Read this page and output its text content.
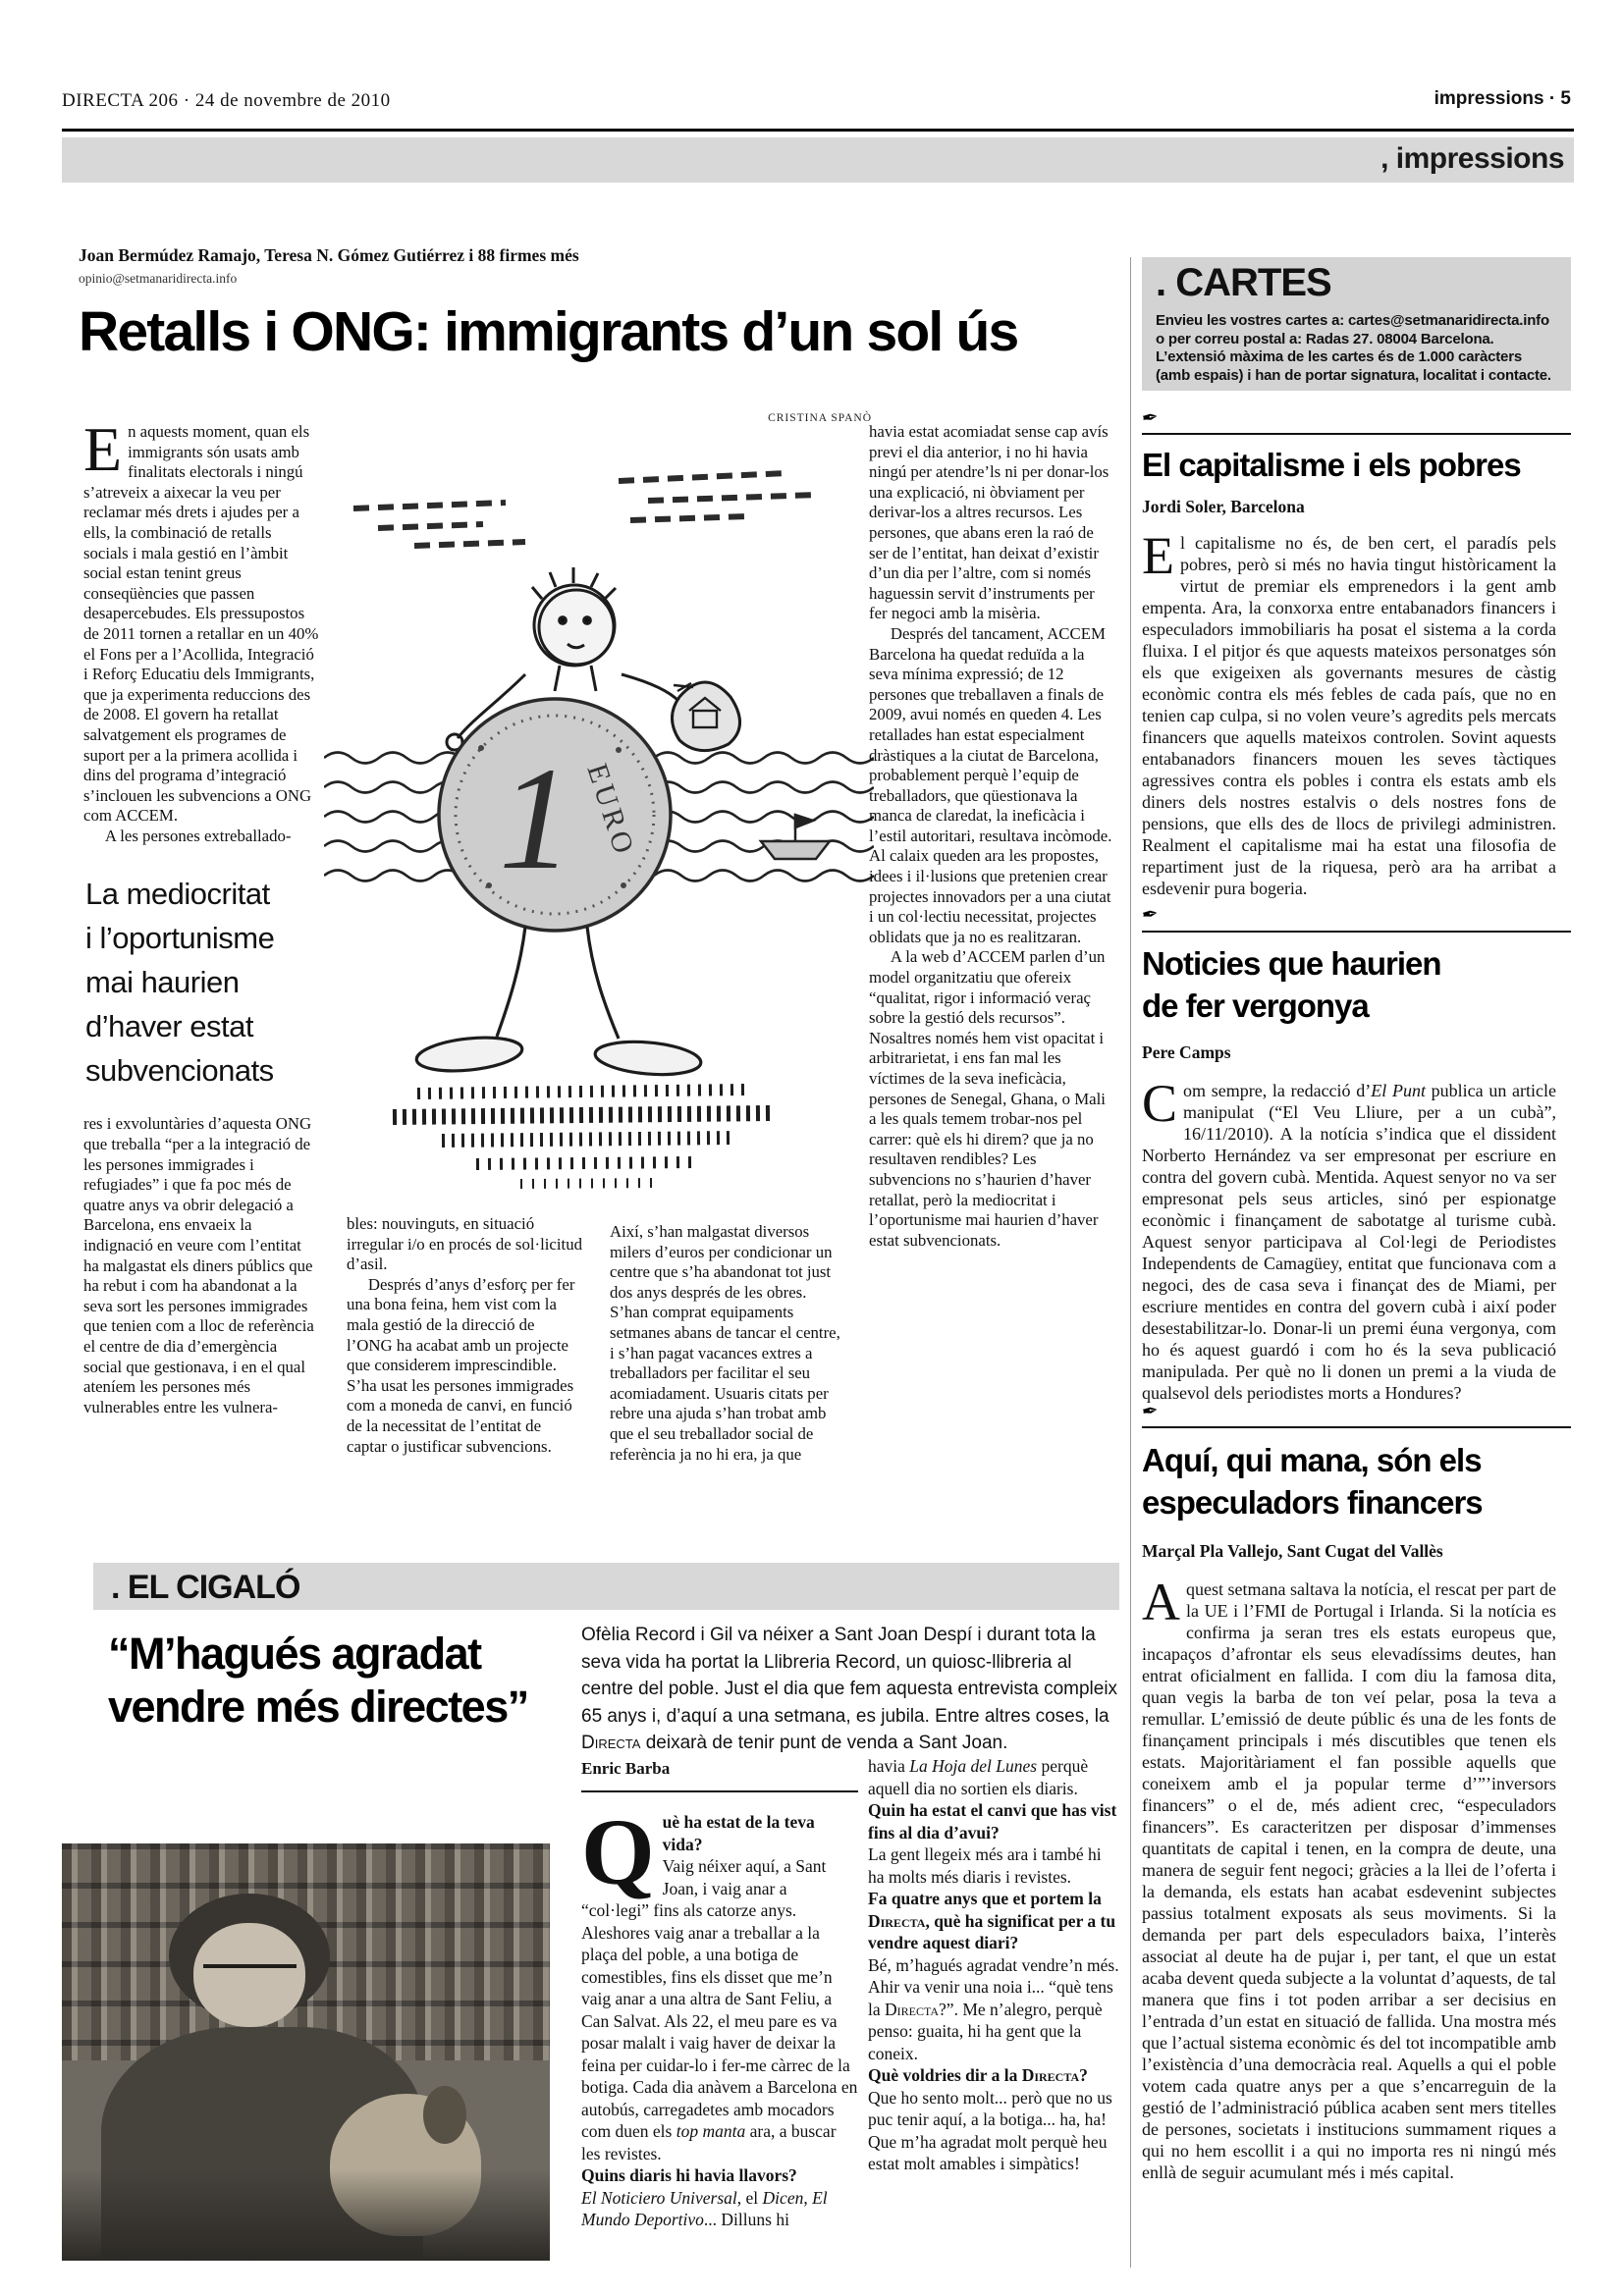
DIRECTA 206 · 24 de novembre de 2010	impressions · 5
, impressions
Joan Bermúdez Ramajo, Teresa N. Gómez Gutiérrez i 88 firmes més
opinio@setmanaridirecta.info
Retalls i ONG: immigrants d’un sol ús
CRISTINA SPANÒ
1 EURO

En aquests moment, quan els immigrants són usats amb finalitats electorals i ningú s’atreveix a aixecar la veu per reclamar més drets i ajudes per a ells, la combinació de retalls socials i mala gestió en l’àmbit social estan tenint greus conseqüències que passen desapercebudes. Els pressupostos de 2011 tornen a retallar en un 40% el Fons per a l’Acollida, Integració i Reforç Educatiu dels Immigrants, que ja experimenta reduccions des de 2008. El govern ha retallat salvatgement els programes de suport per a la primera acollida i dins del programa d’integració s’inclouen les subvencions a ONG com ACCEM.

A les persones extreballado-

La mediocritat
i l’oportunisme
mai haurien
d’haver estat
subvencionats

res i exvoluntàries d’aquesta ONG que treballa “per a la integració de les persones immigrades i refugiades” i que fa poc més de quatre anys va obrir delegació a Barcelona, ens envaeix la indignació en veure com l’entitat ha malgastat els diners públics que ha rebut i com ha abandonat a la seva sort les persones immigrades que tenien com a lloc de referència el centre de dia d’emergència social que gestionava, i en el qual ateníem les persones més vulnerables entre les vulnera-

bles: nouvinguts, en situació irregular i/o en procés de sol·licitud d’asil.

Després d’anys d’esforç per fer una bona feina, hem vist com la mala gestió de la direcció de l’ONG ha acabat amb un projecte que considerem imprescindible. S’ha usat les persones immigrades com a moneda de canvi, en funció de la necessitat de l’entitat de captar o justificar subvencions.

Així, s’han malgastat diversos milers d’euros per condicionar un centre que s’ha abandonat tot just dos anys després de les obres. S’han comprat equipaments setmanes abans de tancar el centre, i s’han pagat vacances extres a treballadors per facilitar el seu acomiadament. Usuaris citats per rebre una ajuda s’han trobat amb que el seu treballador social de referència ja no hi era, ja que

havia estat acomiadat sense cap avís previ el dia anterior, i no hi havia ningú per atendre’ls ni per donar-los una explicació, ni òbviament per derivar-los a altres recursos. Les persones, que abans eren la raó de ser de l’entitat, han deixat d’existir d’un dia per l’altre, com si només haguessin servit d’instruments per fer negoci amb la misèria.

Després del tancament, ACCEM Barcelona ha quedat reduïda a la seva mínima expressió; de 12 persones que treballaven a finals de 2009, avui només en queden 4. Les retallades han estat especialment dràstiques a la ciutat de Barcelona, probablement perquè l’equip de treballadors, que qüestionava la manca de claredat, la ineficàcia i l’estil autoritari, resultava incòmode. Al calaix queden ara les propostes, idees i il·lusions que pretenien crear projectes innovadors per a una ciutat i un col·lectiu necessitat, projectes oblidats que ja no es realitzaran.

A la web d’ACCEM parlen d’un model organitzatiu que ofereix “qualitat, rigor i informació veraç sobre la gestió dels recursos”. Nosaltres només hem vist opacitat i arbitrarietat, i ens fan mal les víctimes de la seva ineficàcia, persones de Senegal, Ghana, o Mali a les quals temem trobar-nos pel carrer: què els hi direm? que ja no resultaven rendibles? Les subvencions no s’haurien d’haver retallat, però la mediocritat i l’oportunisme mai haurien d’haver estat subvencionats.

. CARTES
Envieu les vostres cartes a: cartes@setmanaridirecta.info
o per correu postal a: Radas 27. 08004 Barcelona.
L’extensió màxima de les cartes és de 1.000 caràcters
(amb espais) i han de portar signatura, localitat i contacte.
✒
El capitalisme i els pobres
Jordi Soler, Barcelona

El capitalisme no és, de ben cert, el paradís pels pobres, però si més no havia tingut històricament la virtut de premiar els emprenedors i la gent amb empenta. Ara, la conxorxa entre entabanadors financers i especuladors immobiliaris ha posat el sistema a la corda fluixa. I el pitjor és que aquests mateixos personatges són els que exigeixen als governants mesures de càstig econòmic contra els més febles de cada país, que no en tenien cap culpa, si no volen veure’s agredits pels mercats financers que aquells mateixos controlen. Sovint aquests entabanadors financers mouen les seves tàctiques agressives contra els pobles i contra els estats amb els diners dels nostres estalvis o dels nostres fons de pensions, que ells des de llocs de privilegi administren. Realment el capitalisme mai ha estat una filosofia de repartiment just de la riquesa, però ara ha arribat a esdevenir pura bogeria.

✒
Noticies que haurien
de fer vergonya
Pere Camps

Com sempre, la redacció d’El Punt publica un article manipulat (“El Veu Lliure, per a un cubà”, 16/11/2010). A la notícia s’indica que el dissident Norberto Hernández va ser empresonat per escriure en contra del govern cubà. Mentida. Aquest senyor no va ser empresonat pels seus articles, sinó per espionatge econòmic i finançament de sabotatge al turisme cubà. Aquest senyor participava al Col·legi de Periodistes Independents de Camagüey, entitat que funcionava com a negoci, des de casa seva i finançat des de Miami, per escriure mentides en contra del govern cubà i així poder desestabilitzar-lo. Donar-li un premi éuna vergonya, com ho és aquest guardó i com ho és la seva publicació manipulada. Per què no li donen un premi a la viuda de qualsevol dels periodistes morts a Hondures?

✒
Aquí, qui mana, són els
especuladors financers
Marçal Pla Vallejo, Sant Cugat del Vallès

Aquest setmana saltava la notícia, el rescat per part de la UE i l’FMI de Portugal i Irlanda. Si la notícia es confirma ja seran tres els estats europeus que, incapaços d’afrontar els seus elevadíssims deutes, han entrat oficialment en fallida. I com diu la famosa dita, quan vegis la barba de ton veí pelar, posa la teva a remullar. L’emissió de deute públic és una de les fonts de finançament principals i més discutibles que tenen els estats. Majoritàriament el fan possible aquells que coneixem amb el ja popular terme d’”’inversors financers” o el de, més adient crec, “especuladors financers”. Es caracteritzen per disposar d’immenses quantitats de capital i tenen, en la compra de deute, una manera de seguir fent negoci; gràcies a la llei de l’oferta i la demanda, els estats han acabat esdevenint subjectes passius totalment exposats als seus moviments. Si la demanda per part dels especuladors baixa, l’interès associat al deute ha de pujar i, per tant, el que un estat acaba devent queda subjecte a la voluntat d’aquests, de tal manera que fins i tot poden arribar a ser decisius en l’entrada d’un estat en situació de fallida. Una mostra més que l’actual sistema econòmic és del tot incompatible amb l’existència d’una democràcia real. Aquells a qui el poble votem cada quatre anys per a que s’encarreguin de la gestió de l’administració pública acaben sent mers titelles de persones, societats i institucions summament riques a qui no hem escollit i a qui no importa res ni ningú més enllà de seguir acumulant més i més capital.

. EL CIGALÓ
“M’hagués agradat
vendre més directes”
Ofèlia Record i Gil va néixer a Sant Joan Despí i durant tota la seva vida ha portat la Llibreria Record, un quiosc-llibreria al centre del poble. Just el dia que fem aquesta entrevista compleix 65 anys i, d’aquí a una setmana, es jubila. Entre altres coses, la Directa deixarà de tenir punt de venda a Sant Joan.
Enric Barba

Què ha estat de la teva vida?

Vaig néixer aquí, a Sant Joan, i vaig anar a “col·legi” fins als catorze anys. Aleshores vaig anar a treballar a la plaça del poble, a una botiga de comestibles, fins els disset que me’n vaig anar a una altra de Sant Feliu, a Can Salvat. Als 22, el meu pare es va posar malalt i vaig haver de deixar la feina per cuidar-lo i fer-me càrrec de la botiga. Cada dia anàvem a Barcelona en autobús, carregadetes amb mocadors com duen els top manta ara, a buscar les revistes.

Quins diaris hi havia llavors?

El Noticiero Universal, el Dicen, El Mundo Deportivo... Dilluns hi

havia La Hoja del Lunes perquè aquell dia no sortien els diaris.

Quin ha estat el canvi que has vist fins al dia d’avui?

La gent llegeix més ara i també hi ha molts més diaris i revistes.

Fa quatre anys que et portem la Directa, què ha significat per a tu vendre aquest diari?

Bé, m’hagués agradat vendre’n més. Ahir va venir una noia i... “què tens la Directa?”. Me n’alegro, perquè penso: guaita, hi ha gent que la coneix.

Què voldries dir a la Directa?

Que ho sento molt... però que no us puc tenir aquí, a la botiga... ha, ha! Que m’ha agradat molt perquè heu estat molt amables i simpàtics!
